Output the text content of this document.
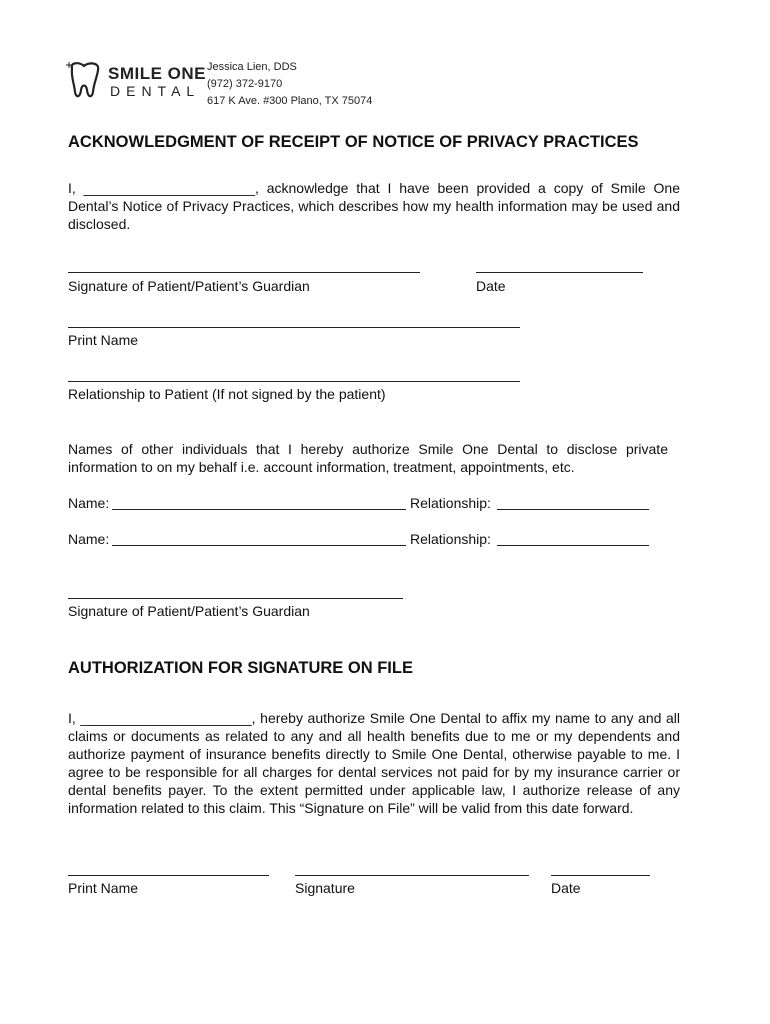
SMILE ONE
DENTAL
Jessica Lien, DDS
(972) 372-9170
617 K Ave. #300 Plano, TX 75074
ACKNOWLEDGMENT OF RECEIPT OF NOTICE OF PRIVACY PRACTICES
I, ______________________, acknowledge that I have been provided a copy of Smile One Dental’s Notice of Privacy Practices, which describes how my health information may be used and disclosed.
Signature of Patient/Patient’s Guardian	Date
Print Name
Relationship to Patient (If not signed by the patient)
Names of other individuals that I hereby authorize Smile One Dental to disclose private information to on my behalf i.e. account information, treatment, appointments, etc.
Name:	Relationship:
Name:	Relationship:
Signature of Patient/Patient’s Guardian
AUTHORIZATION FOR SIGNATURE ON FILE
I, ______________________, hereby authorize Smile One Dental to affix my name to any and all claims or documents as related to any and all health benefits due to me or my dependents and authorize payment of insurance benefits directly to Smile One Dental, otherwise payable to me. I agree to be responsible for all charges for dental services not paid for by my insurance carrier or dental benefits payer. To the extent permitted under applicable law, I authorize release of any information related to this claim. This “Signature on File” will be valid from this date forward.
Print Name	Signature	Date
